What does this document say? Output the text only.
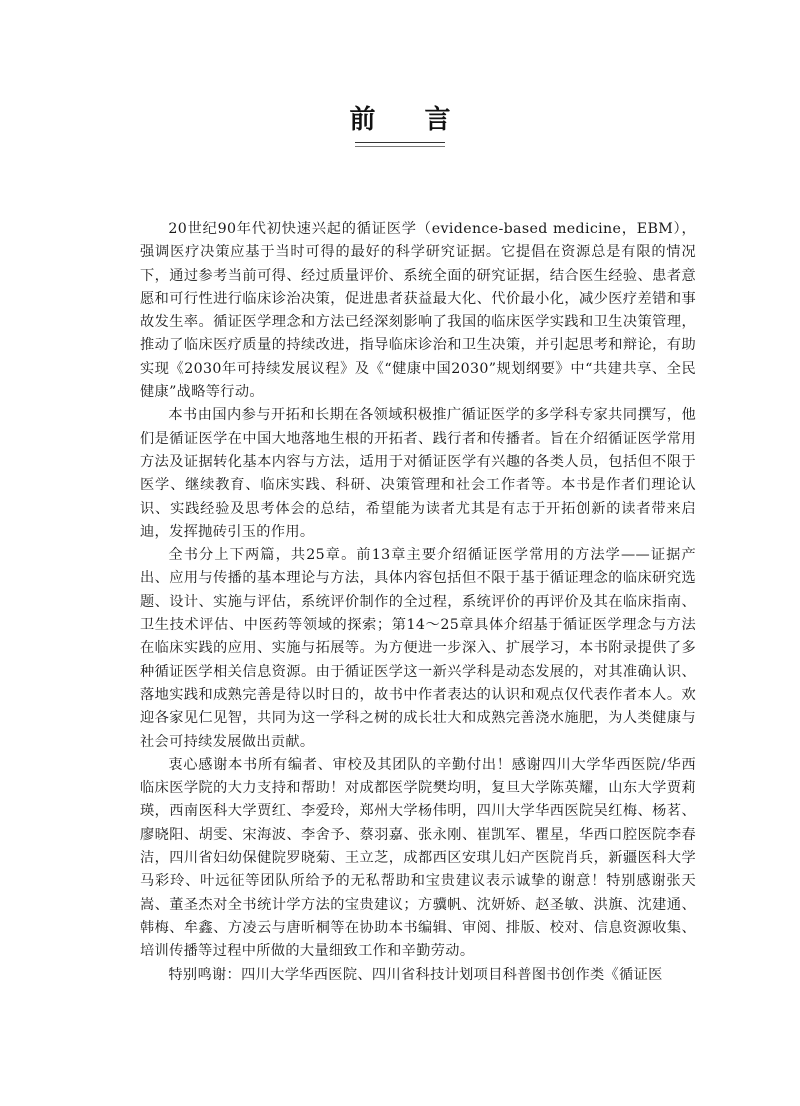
前 言

20世纪90年代初快速兴起的循证医学（evidence-based medicine，EBM），强调医疗决策应基于当时可得的最好的科学研究证据。它提倡在资源总是有限的情况下，通过参考当前可得、经过质量评价、系统全面的研究证据，结合医生经验、患者意愿和可行性进行临床诊治决策，促进患者获益最大化、代价最小化，减少医疗差错和事故发生率。循证医学理念和方法已经深刻影响了我国的临床医学实践和卫生决策管理，推动了临床医疗质量的持续改进，指导临床诊治和卫生决策，并引起思考和辩论，有助实现《2030年可持续发展议程》及《“健康中国2030”规划纲要》中“共建共享、全民健康”战略等行动。

本书由国内参与开拓和长期在各领域积极推广循证医学的多学科专家共同撰写，他们是循证医学在中国大地落地生根的开拓者、践行者和传播者。旨在介绍循证医学常用方法及证据转化基本内容与方法，适用于对循证医学有兴趣的各类人员，包括但不限于医学、继续教育、临床实践、科研、决策管理和社会工作者等。本书是作者们理论认识、实践经验及思考体会的总结，希望能为读者尤其是有志于开拓创新的读者带来启迪，发挥抛砖引玉的作用。

全书分上下两篇，共25章。前13章主要介绍循证医学常用的方法学——证据产出、应用与传播的基本理论与方法，具体内容包括但不限于基于循证理念的临床研究选题、设计、实施与评估，系统评价制作的全过程，系统评价的再评价及其在临床指南、卫生技术评估、中医药等领域的探索；第14～25章具体介绍基于循证医学理念与方法在临床实践的应用、实施与拓展等。为方便进一步深入、扩展学习，本书附录提供了多种循证医学相关信息资源。由于循证医学这一新兴学科是动态发展的，对其准确认识、落地实践和成熟完善是待以时日的，故书中作者表达的认识和观点仅代表作者本人。欢迎各家见仁见智，共同为这一学科之树的成长壮大和成熟完善浇水施肥，为人类健康与社会可持续发展做出贡献。

衷心感谢本书所有编者、审校及其团队的辛勤付出！感谢四川大学华西医院/华西临床医学院的大力支持和帮助！对成都医学院樊均明，复旦大学陈英耀，山东大学贾莉瑛，西南医科大学贾红、李爱玲，郑州大学杨伟明，四川大学华西医院吴红梅、杨茗、廖晓阳、胡雯、宋海波、李舍予、蔡羽嘉、张永刚、崔凯军、瞿星，华西口腔医院李春洁，四川省妇幼保健院罗晓菊、王立芝，成都西区安琪儿妇产医院肖兵，新疆医科大学马彩玲、叶远征等团队所给予的无私帮助和宝贵建议表示诚挚的谢意！特别感谢张天嵩、董圣杰对全书统计学方法的宝贵建议；方骥帆、沈妍娇、赵圣敏、洪旗、沈建通、韩梅、牟鑫、方凌云与唐昕桐等在协助本书编辑、审阅、排版、校对、信息资源收集、培训传播等过程中所做的大量细致工作和辛勤劳动。

特别鸣谢：四川大学华西医院、四川省科技计划项目科普图书创作类《循证医
